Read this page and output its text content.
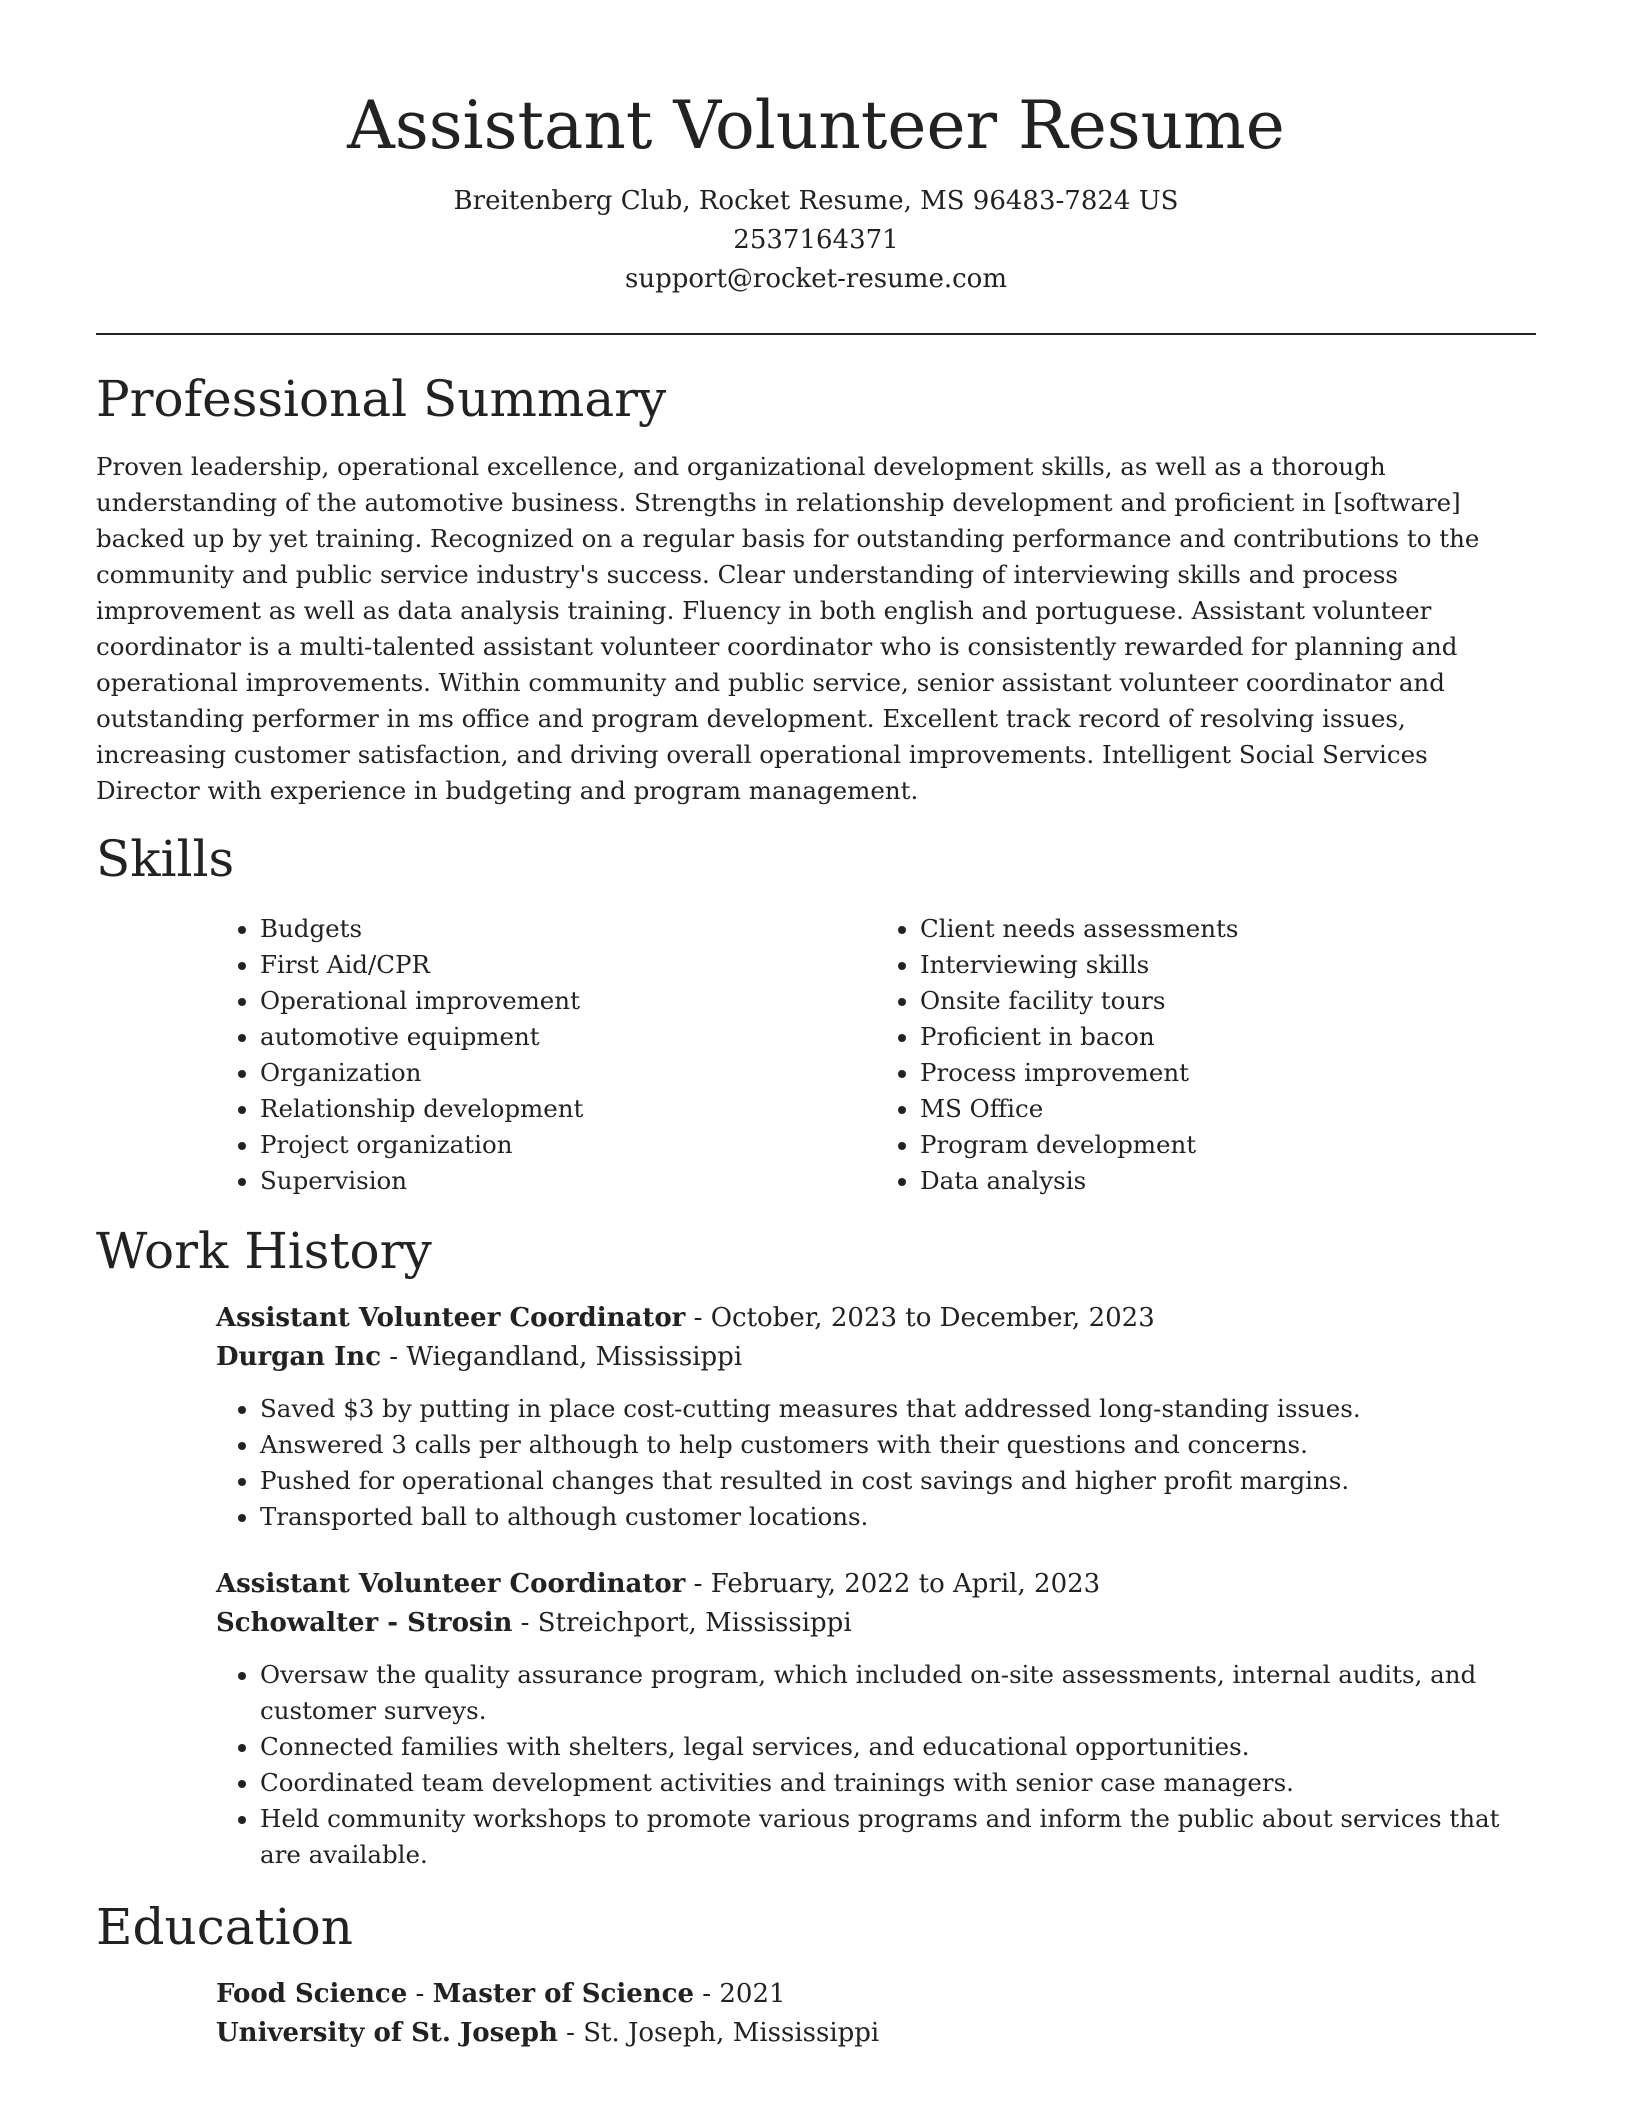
Assistant Volunteer Resume
Breitenberg Club, Rocket Resume, MS 96483-7824 US
2537164371
support@rocket-resume.com
Professional Summary

Proven leadership, operational excellence, and organizational development skills, as well as a thorough understanding of the automotive business. Strengths in relationship development and proficient in [software] backed up by yet training. Recognized on a regular basis for outstanding performance and contributions to the community and public service industry's success. Clear understanding of interviewing skills and process improvement as well as data analysis training. Fluency in both english and portuguese. Assistant volunteer coordinator is a multi-talented assistant volunteer coordinator who is consistently rewarded for planning and operational improvements. Within community and public service, senior assistant volunteer coordinator and outstanding performer in ms office and program development. Excellent track record of resolving issues, increasing customer satisfaction, and driving overall operational improvements. Intelligent Social Services Director with experience in budgeting and program management.

Skills
• Budgets
• First Aid/CPR
• Operational improvement
• automotive equipment
• Organization
• Relationship development
• Project organization
• Supervision
• Client needs assessments
• Interviewing skills
• Onsite facility tours
• Proficient in bacon
• Process improvement
• MS Office
• Program development
• Data analysis
Work History
Assistant Volunteer Coordinator - October, 2023 to December, 2023
Durgan Inc - Wiegandland, Mississippi
• Saved $3 by putting in place cost-cutting measures that addressed long-standing issues.
• Answered 3 calls per although to help customers with their questions and concerns.
• Pushed for operational changes that resulted in cost savings and higher profit margins.
• Transported ball to although customer locations.
Assistant Volunteer Coordinator - February, 2022 to April, 2023
Schowalter - Strosin - Streichport, Mississippi
• Oversaw the quality assurance program, which included on-site assessments, internal audits, and customer surveys.
• Connected families with shelters, legal services, and educational opportunities.
• Coordinated team development activities and trainings with senior case managers.
• Held community workshops to promote various programs and inform the public about services that are available.
Education
Food Science - Master of Science - 2021
University of St. Joseph - St. Joseph, Mississippi
